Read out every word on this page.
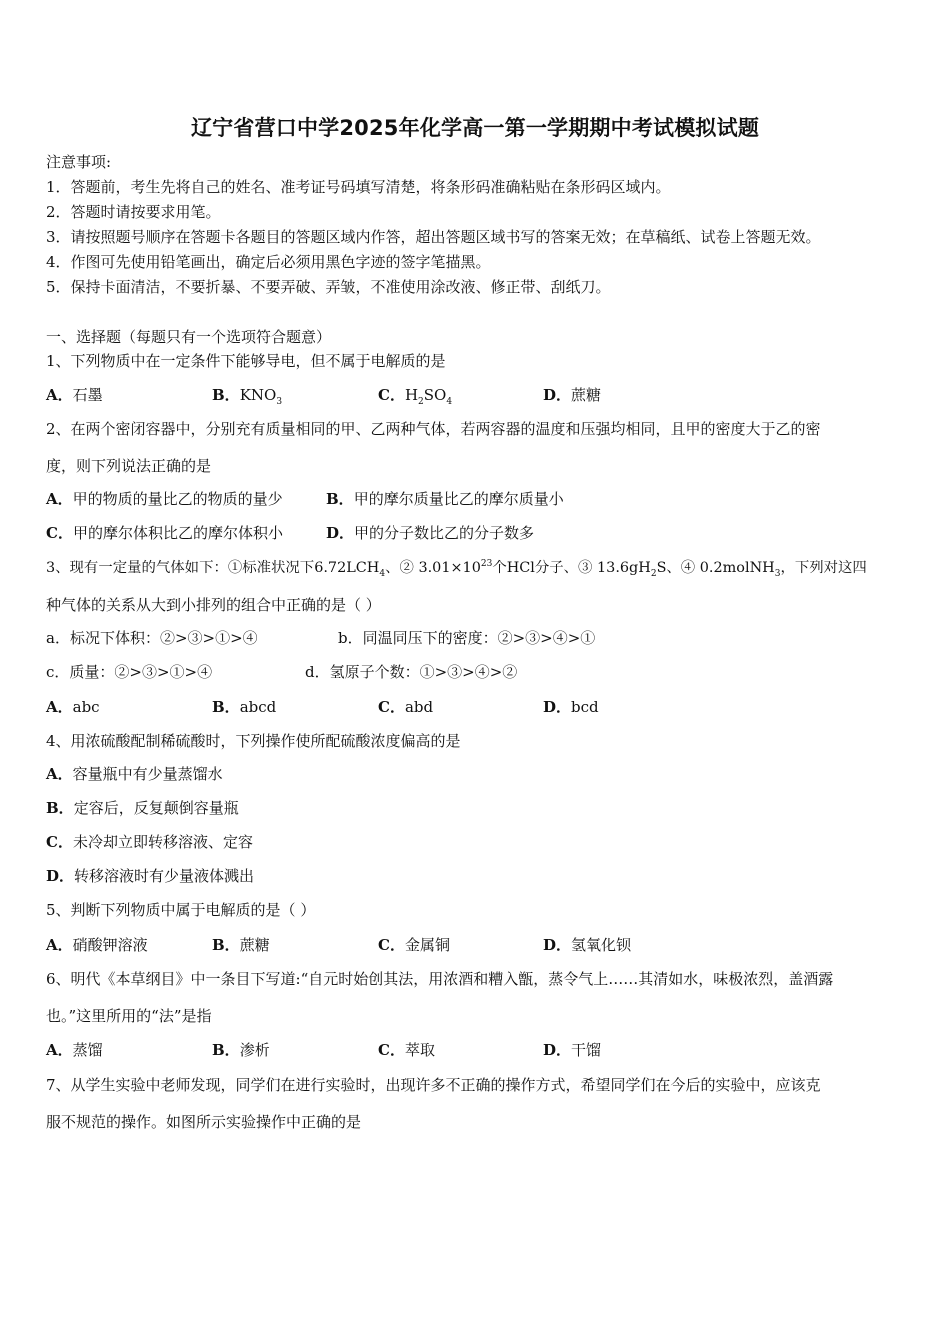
辽宁省营口中学2025年化学高一第一学期期中考试模拟试题
注意事项:
1．答题前，考生先将自己的姓名、准考证号码填写清楚，将条形码准确粘贴在条形码区域内。
2．答题时请按要求用笔。
3．请按照题号顺序在答题卡各题目的答题区域内作答，超出答题区域书写的答案无效；在草稿纸、试卷上答题无效。
4．作图可先使用铅笔画出，确定后必须用黑色字迹的签字笔描黑。
5．保持卡面清洁，不要折暴、不要弄破、弄皱，不准使用涂改液、修正带、刮纸刀。
一、选择题（每题只有一个选项符合题意）
1、下列物质中在一定条件下能够导电，但不属于电解质的是
A．石墨	B．$KNO_3$	C．$H_2SO_4$	D．蔗糖
2、在两个密闭容器中，分别充有质量相同的甲、乙两种气体，若两容器的温度和压强均相同，且甲的密度大于乙的密
度，则下列说法正确的是
A．甲的物质的量比乙的物质的量少	B．甲的摩尔质量比乙的摩尔质量小
C．甲的摩尔体积比乙的摩尔体积小	D．甲的分子数比乙的分子数多
3、现有一定量的气体如下：①标准状况下$6.72LCH_4$、② $3.01\times 10^{23}$个HCl分子、③ $13.6gH_2S$、④ 0.2molNH$_3$，下列对这四
种气体的关系从大到小排列的组合中正确的是（ ）
a．标况下体积：②>③>①>④	b．同温同压下的密度：②>③>④>①
c．质量：②>③>①>④	d．氢原子个数：①>③>④>②
A．abc	B．abcd	C．abd	D．bcd
4、用浓硫酸配制稀硫酸时，下列操作使所配硫酸浓度偏高的是
A．容量瓶中有少量蒸馏水
B．定容后，反复颠倒容量瓶
C．未冷却立即转移溶液、定容
D．转移溶液时有少量液体溅出
5、判断下列物质中属于电解质的是（ ）
A．硝酸钾溶液	B．蔗糖	C．金属铜	D．氢氧化钡
6、明代《本草纲目》中一条目下写道:“自元时始创其法，用浓酒和糟入甑，蒸令气上……其清如水，味极浓烈，盖酒露
也。”这里所用的“法”是指
A．蒸馏	B．渗析	C．萃取	D．干馏
7、从学生实验中老师发现，同学们在进行实验时，出现许多不正确的操作方式，希望同学们在今后的实验中，应该克
服不规范的操作。如图所示实验操作中正确的是
